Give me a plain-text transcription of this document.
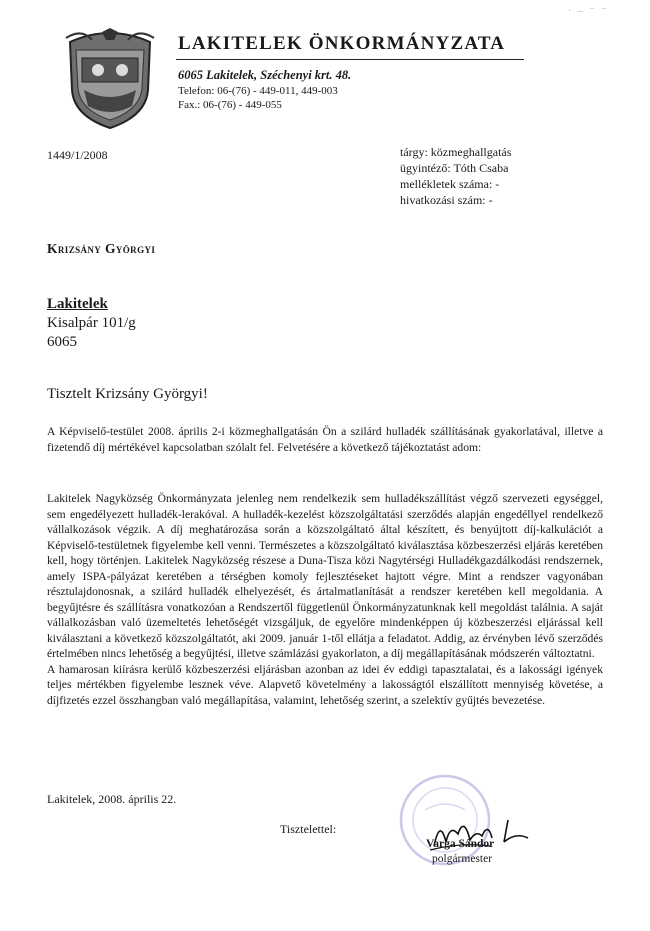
LAKITELEK ÖNKORMÁNYZATA
6065 Lakitelek, Széchenyi krt. 48.
Telefon: 06-(76) - 449-011, 449-003
Fax.: 06-(76) - 449-055
· ‒ ⁻ ⁻
1449/1/2008	tárgy: közmeghallgatás
ügyintéző: Tóth Csaba
mellékletek száma: -
hivatkozási szám: -
Krizsány Györgyi
Lakitelek
Kisalpár 101/g
6065
Tisztelt Krizsány Györgyi!
A Képviselő-testület 2008. április 2-i közmeghallgatásán Ön a szilárd hulladék szállításának gyakorlatával, illetve a fizetendő díj mértékével kapcsolatban szólalt fel. Felvetésére a következő tájékoztatást adom:
Lakitelek Nagyközség Önkormányzata jelenleg nem rendelkezik sem hulladékszállítást végző szervezeti egységgel, sem engedélyezett hulladék-lerakóval. A hulladék-kezelést közszolgáltatási szerződés alapján engedéllyel rendelkező vállalkozások végzik. A díj meghatározása során a közszolgáltató által készített, és benyújtott díj-kalkulációt a Képviselő-testületnek figyelembe kell venni. Természetes a közszolgáltató kiválasztása közbeszerzési eljárás keretében kell, hogy történjen. Lakitelek Nagyközség részese a Duna-Tisza közi Nagytérségi Hulladékgazdálkodási rendszernek, amely ISPA-pályázat keretében a térségben komoly fejlesztéseket hajtott végre. Mint a rendszer vagyonában résztulajdonosnak, a szilárd hulladék elhelyezését, és ártalmatlanítását a rendszer keretében kell megoldania. A begyűjtésre és szállításra vonatkozóan a Rendszertől függetlenül Önkormányzatunknak kell megoldást találnia. A saját vállalkozásban való üzemeltetés lehetőségét vizsgáljuk, de egyelőre mindenképpen új közbeszerzési eljárással kell kiválasztani a következő közszolgáltatót, aki 2009. január 1-től ellátja a feladatot. Addig, az érvényben lévő szerződés értelmében nincs lehetőség a begyűjtési, illetve számlázási gyakorlaton, a díj megállapításának módszerén változtatni.
A hamarosan kiírásra kerülő közbeszerzési eljárásban azonban az idei év eddigi tapasztalatai, és a lakossági igények teljes mértékben figyelembe lesznek véve. Alapvető követelmény a lakosságtól elszállított mennyiség követése, a díjfizetés ezzel összhangban való megállapítása, valamint, lehetőség szerint, a szelektív gyűjtés bevezetése.
Lakitelek, 2008. április 22.
Tisztelettel:
Varga Sándor
polgármester
